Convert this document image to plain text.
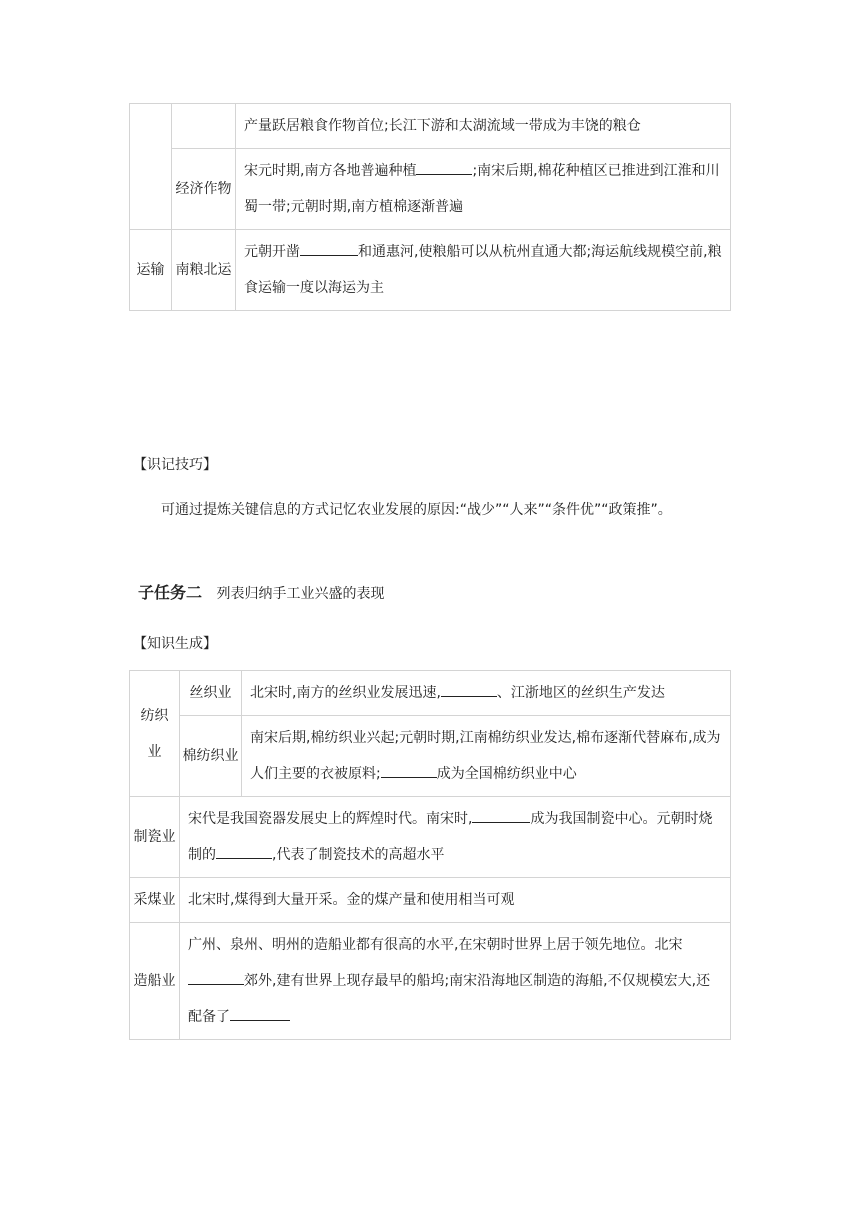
		产量跃居粮食作物首位;长江下游和太湖流域一带成为丰饶的粮仓
	经济作物	宋元时期,南方各地普遍种植 ;南宋后期,棉花种植区已推进到江淮和川蜀一带;元朝时期,南方植棉逐渐普遍
运输	南粮北运	元朝开凿 和通惠河,使粮船可以从杭州直通大都;海运航线规模空前,粮食运输一度以海运为主
【识记技巧】
可通过提炼关键信息的方式记忆农业发展的原因:“战少”“人来”“条件优”“政策推”。
子任务二 列表归纳手工业兴盛的表现
【知识生成】
纺织业	丝织业	北宋时,南方的丝织业发展迅速, 、江浙地区的丝织生产发达
	棉纺织业	南宋后期,棉纺织业兴起;元朝时期,江南棉纺织业发达,棉布逐渐代替麻布,成为人们主要的衣被原料; 成为全国棉纺织业中心
制瓷业	宋代是我国瓷器发展史上的辉煌时代。南宋时, 成为我国制瓷中心。元朝时烧制的 ,代表了制瓷技术的高超水平	
采煤业	北宋时,煤得到大量开采。金的煤产量和使用相当可观	
造船业	广州、泉州、明州的造船业都有很高的水平,在宋朝时世界上居于领先地位。北宋郊外,建有世界上现存最早的船坞;南宋沿海地区制造的海船,不仅规模宏大,还配备了	
